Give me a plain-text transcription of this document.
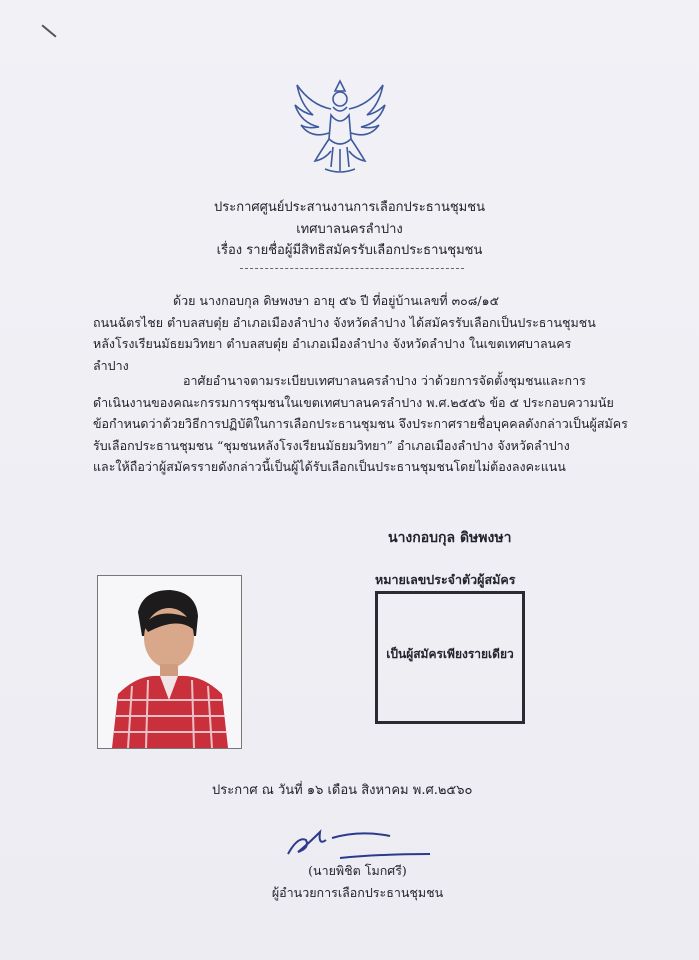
ประกาศศูนย์ประสานงานการเลือกประธานชุมชน
เทศบาลนครลำปาง
เรื่อง รายชื่อผู้มีสิทธิสมัครรับเลือกประธานชุมชน
ด้วย นางกอบกุล ดิษพงษา อายุ ๕๖ ปี ที่อยู่บ้านเลขที่ ๓๐๘/๑๕
ถนนฉัตรไชย ตำบลสบตุ๋ย อำเภอเมืองลำปาง จังหวัดลำปาง ได้สมัครรับเลือกเป็นประธานชุมชน
หลังโรงเรียนมัธยมวิทยา ตำบลสบตุ๋ย อำเภอเมืองลำปาง จังหวัดลำปาง ในเขตเทศบาลนคร
ลำปาง
อาศัยอำนาจตามระเบียบเทศบาลนครลำปาง ว่าด้วยการจัดตั้งชุมชนและการ
ดำเนินงานของคณะกรรมการชุมชนในเขตเทศบาลนครลำปาง พ.ศ.๒๕๕๖ ข้อ ๕ ประกอบความนัย
ข้อกำหนดว่าด้วยวิธีการปฏิบัติในการเลือกประธานชุมชน จึงประกาศรายชื่อบุคคลดังกล่าวเป็นผู้สมัคร
รับเลือกประธานชุมชน “ชุมชนหลังโรงเรียนมัธยมวิทยา” อำเภอเมืองลำปาง จังหวัดลำปาง
และให้ถือว่าผู้สมัครรายดังกล่าวนี้เป็นผู้ได้รับเลือกเป็นประธานชุมชนโดยไม่ต้องลงคะแนน
นางกอบกุล ดิษพงษา
หมายเลขประจำตัวผู้สมัคร
เป็นผู้สมัครเพียงรายเดียว
ประกาศ ณ วันที่ ๑๖ เดือน สิงหาคม พ.ศ.๒๕๖๐
(นายพิชิต โมกศรี)
ผู้อำนวยการเลือกประธานชุมชน
